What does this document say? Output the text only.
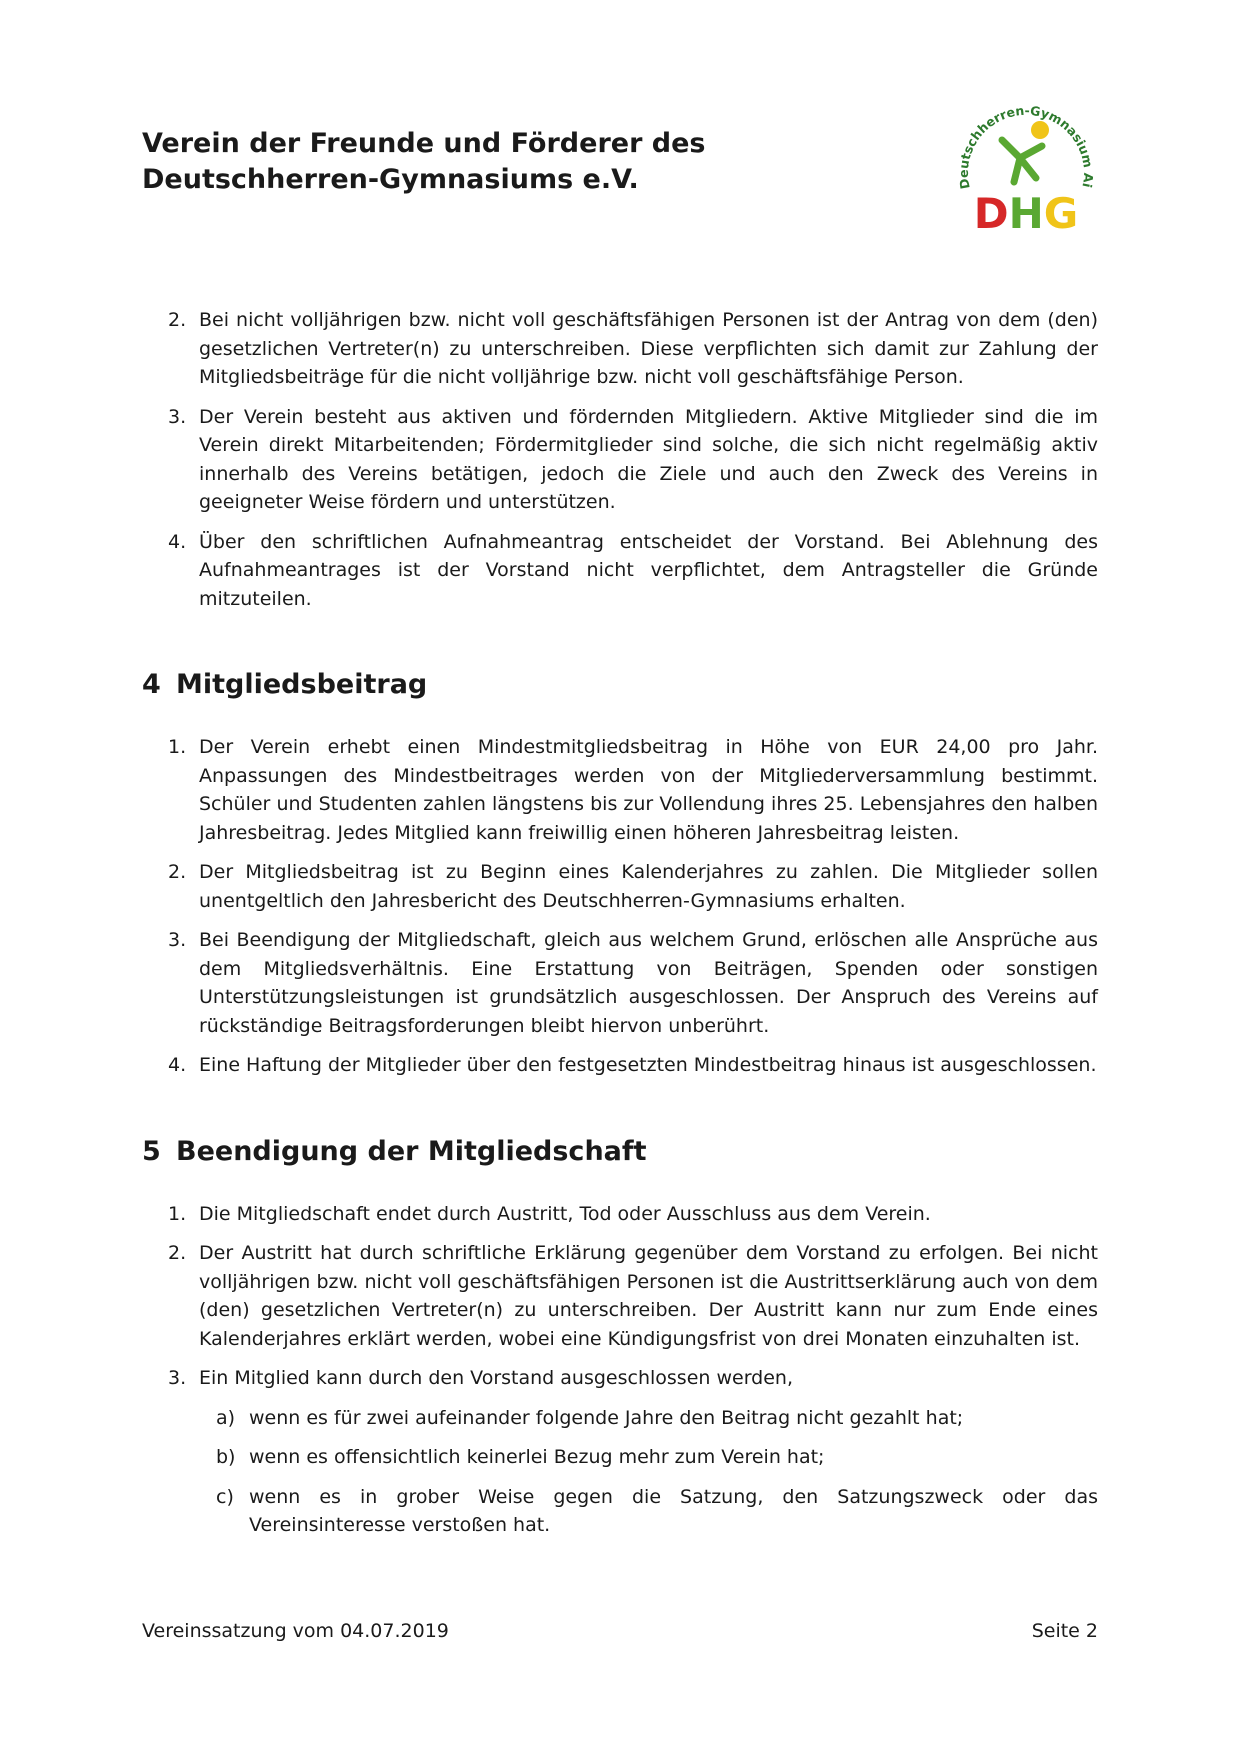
Verein der Freunde und Förderer des
Deutschherren-Gymnasiums e.V.	Deutschherren-Gymnasium Ai
DHG
2. Bei nicht volljährigen bzw. nicht voll geschäftsfähigen Personen ist der Antrag von dem (den) gesetzlichen Vertreter(n) zu unterschreiben. Diese verpflichten sich damit zur Zahlung der Mitgliedsbeiträge für die nicht volljährige bzw. nicht voll geschäftsfähige Person.
3. Der Verein besteht aus aktiven und fördernden Mitgliedern. Aktive Mitglieder sind die im Verein direkt Mitarbeitenden; Fördermitglieder sind solche, die sich nicht regelmäßig aktiv innerhalb des Vereins betätigen, jedoch die Ziele und auch den Zweck des Vereins in geeigneter Weise fördern und unterstützen.
4. Über den schriftlichen Aufnahmeantrag entscheidet der Vorstand. Bei Ablehnung des Aufnahmeantrages ist der Vorstand nicht verpflichtet, dem Antragsteller die Gründe mitzuteilen.
4 Mitgliedsbeitrag
1. Der Verein erhebt einen Mindestmitgliedsbeitrag in Höhe von EUR 24,00 pro Jahr. Anpassungen des Mindestbeitrages werden von der Mitgliederversammlung bestimmt. Schüler und Studenten zahlen längstens bis zur Vollendung ihres 25. Lebensjahres den halben Jahresbeitrag. Jedes Mitglied kann freiwillig einen höheren Jahresbeitrag leisten.
2. Der Mitgliedsbeitrag ist zu Beginn eines Kalenderjahres zu zahlen. Die Mitglieder sollen unentgeltlich den Jahresbericht des Deutschherren-Gymnasiums erhalten.
3. Bei Beendigung der Mitgliedschaft, gleich aus welchem Grund, erlöschen alle Ansprüche aus dem Mitgliedsverhältnis. Eine Erstattung von Beiträgen, Spenden oder sonstigen Unterstützungsleistungen ist grundsätzlich ausgeschlossen. Der Anspruch des Vereins auf rückständige Beitragsforderungen bleibt hiervon unberührt.
4. Eine Haftung der Mitglieder über den festgesetzten Mindestbeitrag hinaus ist ausgeschlossen.
5 Beendigung der Mitgliedschaft
1. Die Mitgliedschaft endet durch Austritt, Tod oder Ausschluss aus dem Verein.
2. Der Austritt hat durch schriftliche Erklärung gegenüber dem Vorstand zu erfolgen. Bei nicht volljährigen bzw. nicht voll geschäftsfähigen Personen ist die Austrittserklärung auch von dem (den) gesetzlichen Vertreter(n) zu unterschreiben. Der Austritt kann nur zum Ende eines Kalenderjahres erklärt werden, wobei eine Kündigungsfrist von drei Monaten einzuhalten ist.
3. Ein Mitglied kann durch den Vorstand ausgeschlossen werden,
a) wenn es für zwei aufeinander folgende Jahre den Beitrag nicht gezahlt hat;
b) wenn es offensichtlich keinerlei Bezug mehr zum Verein hat;
c) wenn es in grober Weise gegen die Satzung, den Satzungszweck oder das Vereinsinteresse verstoßen hat.
Vereinssatzung vom 04.07.2019	Seite 2
